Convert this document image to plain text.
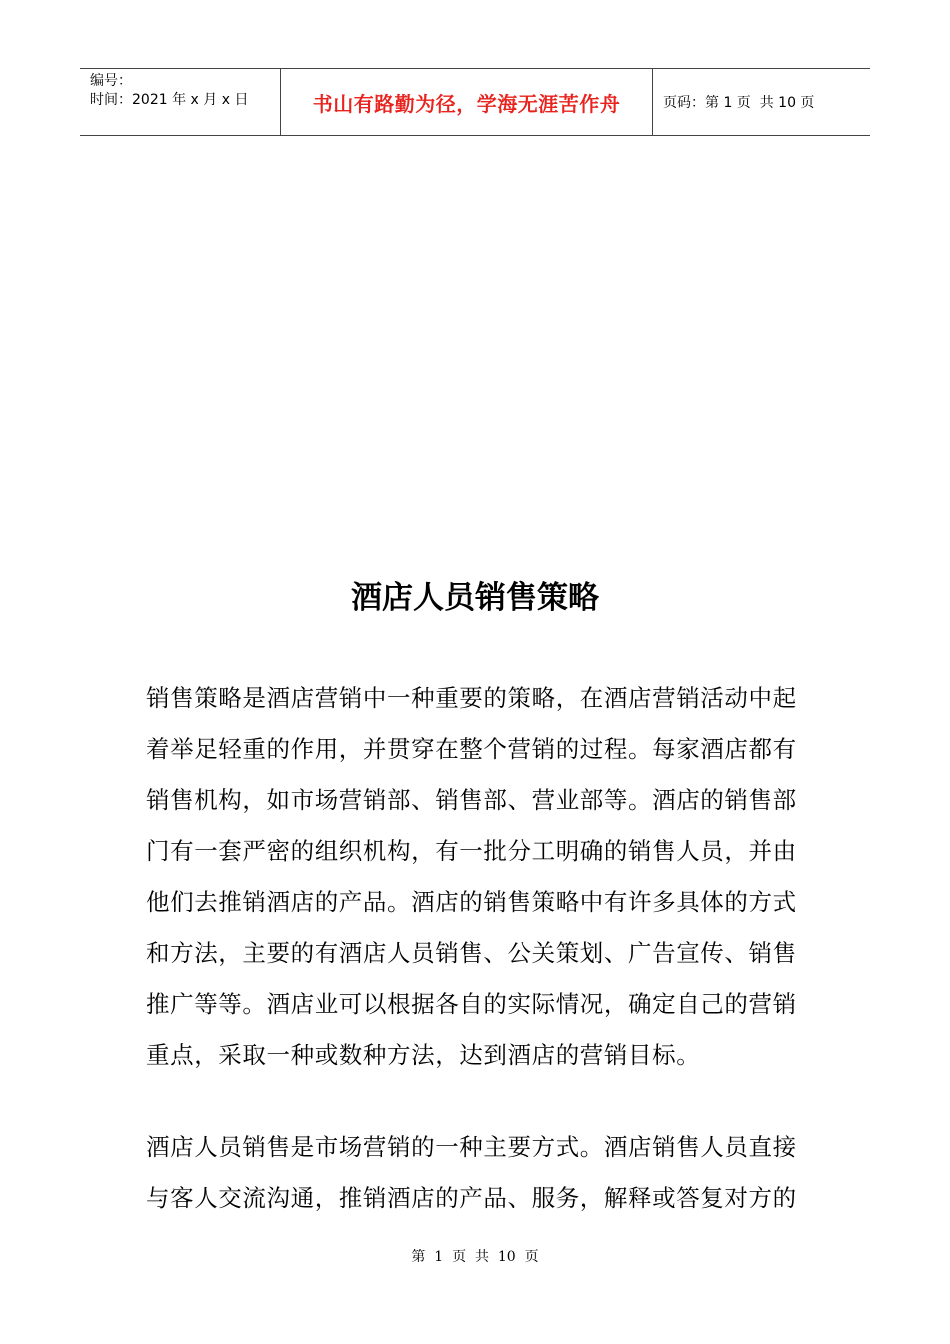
编号：
时间：2021 年 x 月 x 日	书山有路勤为径，学海无涯苦作舟	页码：第 1 页  共 10 页
酒店人员销售策略

销售策略是酒店营销中一种重要的策略，在酒店营销活动中起
着举足轻重的作用，并贯穿在整个营销的过程。每家酒店都有
销售机构，如市场营销部、销售部、营业部等。酒店的销售部
门有一套严密的组织机构，有一批分工明确的销售人员，并由
他们去推销酒店的产品。酒店的销售策略中有许多具体的方式
和方法，主要的有酒店人员销售、公关策划、广告宣传、销售
推广等等。酒店业可以根据各自的实际情况，确定自己的营销
重点，采取一种或数种方法，达到酒店的营销目标。

酒店人员销售是市场营销的一种主要方式。酒店销售人员直接
与客人交流沟通，推销酒店的产品、服务，解释或答复对方的

第  1  页  共  10  页
